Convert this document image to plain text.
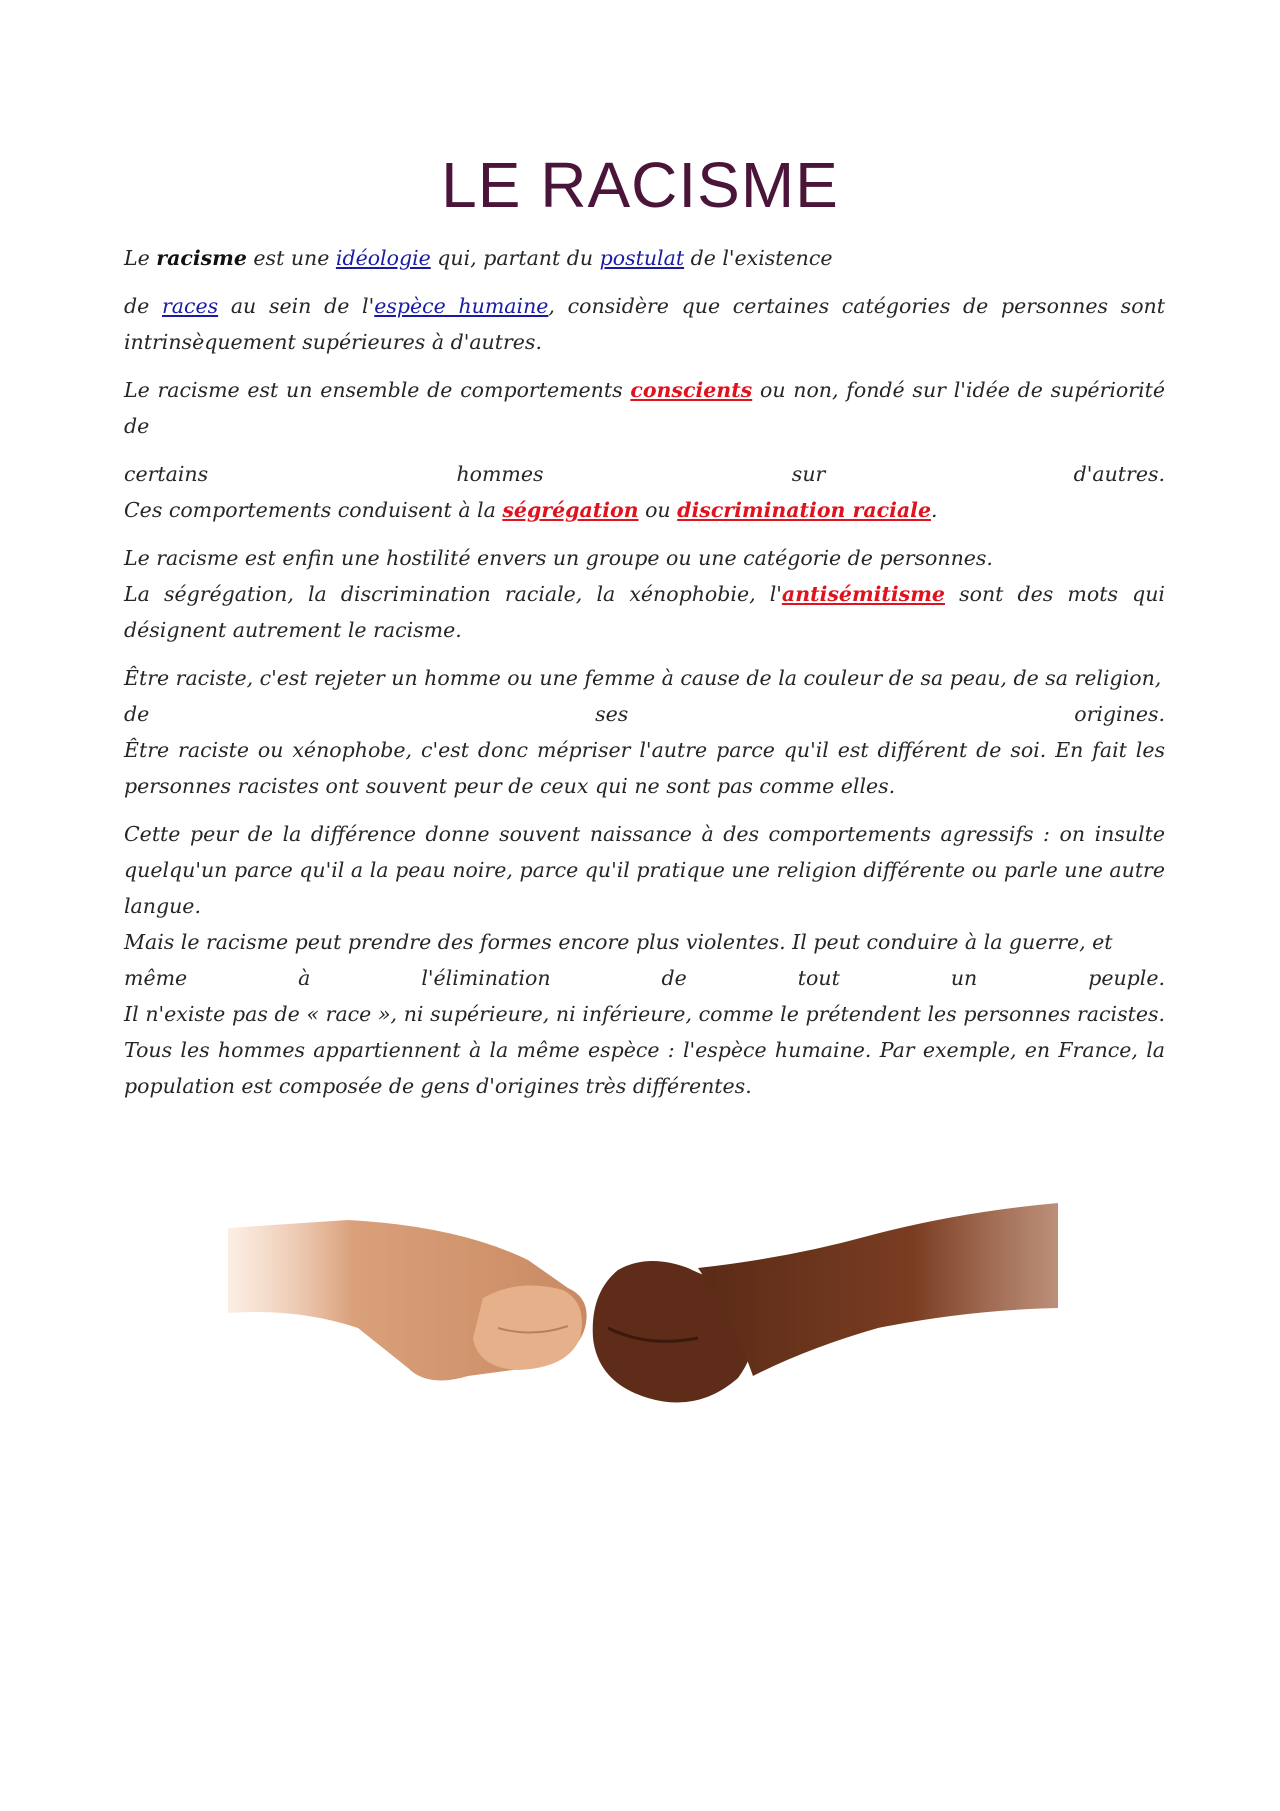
LE RACISME

Le racisme est une idéologie qui, partant du postulat de l'existence

de races au sein de l'espèce humaine, considère que certaines catégories de personnes sont intrinsèquement supérieures à d'autres.

Le racisme est un ensemble de comportements conscients ou non, fondé sur l'idée de supériorité de

certains	hommes	sur	d'autres.

Ces comportements conduisent à la ségrégation ou discrimination raciale.

Le racisme est enfin une hostilité envers un groupe ou une catégorie de personnes.

La ségrégation, la discrimination raciale, la xénophobie, l'antisémitisme sont des mots qui désignent autrement le racisme.

Être raciste, c'est rejeter un homme ou une femme à cause de la couleur de sa peau, de sa religion,

de	ses	origines.

Être raciste ou xénophobe, c'est donc mépriser l'autre parce qu'il est différent de soi. En fait les personnes racistes ont souvent peur de ceux qui ne sont pas comme elles.

Cette peur de la différence donne souvent naissance à des comportements agressifs : on insulte quelqu'un parce qu'il a la peau noire, parce qu'il pratique une religion différente ou parle une autre langue.

Mais le racisme peut prendre des formes encore plus violentes. Il peut conduire à la guerre, et

même	à	l'élimination	de	tout	un	peuple.

Il n'existe pas de « race », ni supérieure, ni inférieure, comme le prétendent les personnes racistes. Tous les hommes appartiennent à la même espèce : l'espèce humaine. Par exemple, en France, la population est composée de gens d'origines très différentes.
